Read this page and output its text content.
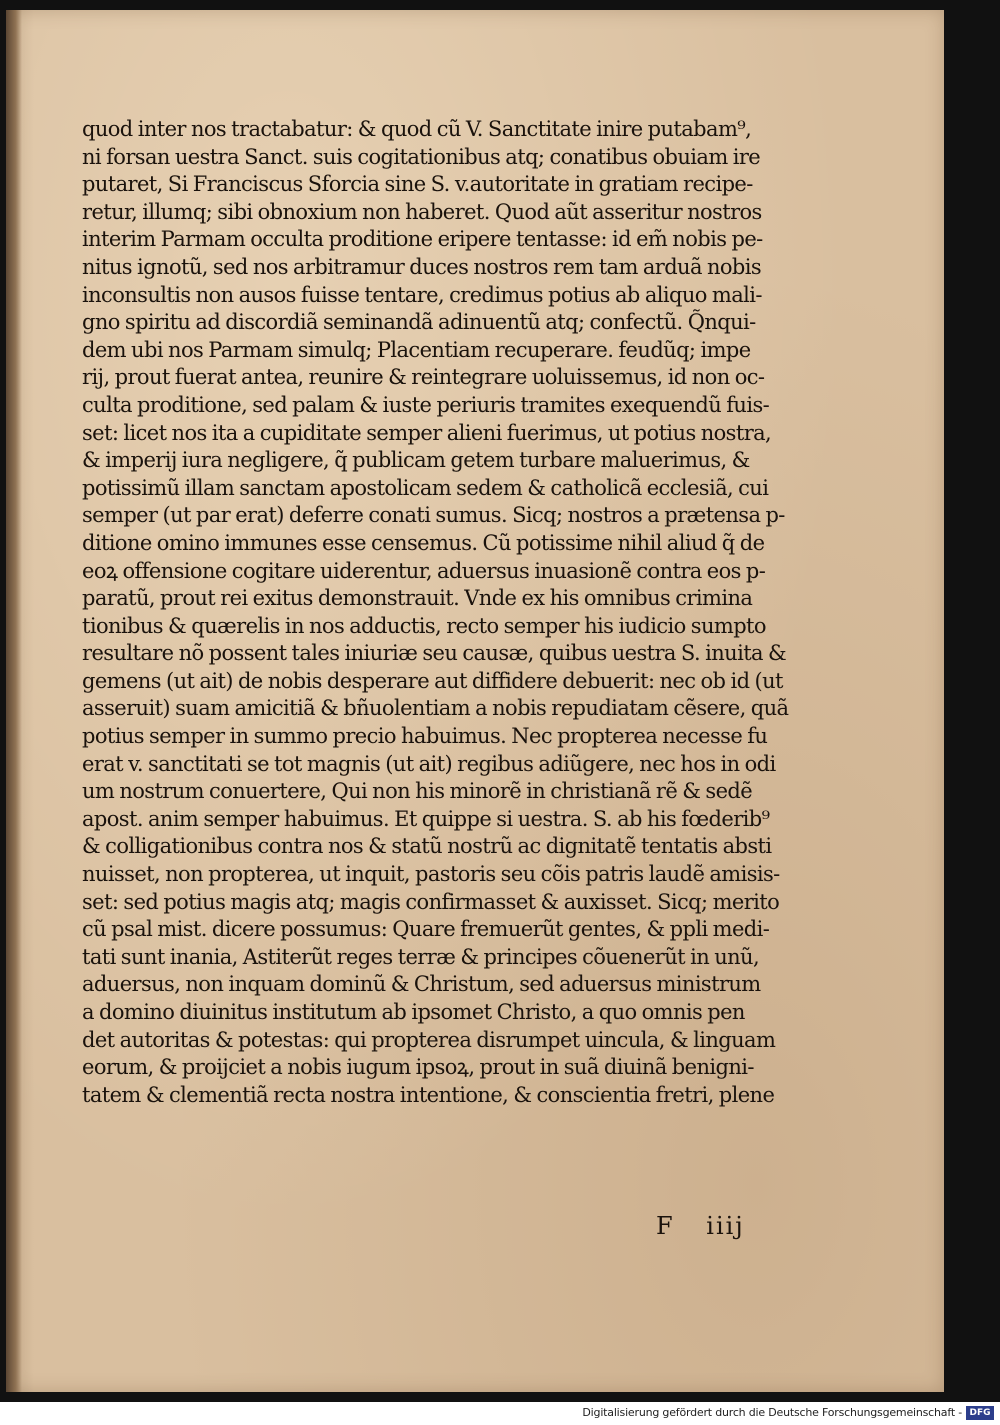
quod inter nos tractabatur: & quod cũ V. Sanctitate inire putabam⁹,
ni forsan uestra Sanct. suis cogitationibus atq; conatibus obuiam ire
putaret, Si Franciscus Sforcia sine S. v.autoritate in gratiam recipe-
retur, illumq; sibi obnoxium non haberet. Quod aũt asseritur nostros
interim Parmam occulta proditione eripere tentasse: id em̃ nobis pe-
nitus ignotũ, sed nos arbitramur duces nostros rem tam arduã nobis
inconsultis non ausos fuisse tentare, credimus potius ab aliquo mali-
gno spiritu ad discordiã seminandã adinuentũ atq; confectũ. Q̃nqui-
dem ubi nos Parmam simulq; Placentiam recuperare. feudũq; impe
rij, prout fuerat antea, reunire & reintegrare uoluissemus, id non oc-
culta proditione, sed palam & iuste periuris tramites exequendũ fuis-
set: licet nos ita a cupiditate semper alieni fuerimus, ut potius nostra,
& imperij iura negligere, q̃ publicam getem turbare maluerimus, &
potissimũ illam sanctam apostolicam sedem & catholicã ecclesiã, cui
semper (ut par erat) deferre conati sumus. Sicq; nostros a prætensa p-
ditione omino immunes esse censemus. Cũ potissime nihil aliud q̃ de
eoꝝ offensione cogitare uiderentur, aduersus inuasionẽ contra eos p-
paratũ, prout rei exitus demonstrauit. Vnde ex his omnibus crimina
tionibus & quærelis in nos adductis, recto semper his iudicio sumpto
resultare nõ possent tales iniuriæ seu causæ, quibus uestra S. inuita &
gemens (ut ait) de nobis desperare aut diffidere debuerit: nec ob id (ut
asseruit) suam amicitiã & bñuolentiam a nobis repudiatam cẽsere, quã
potius semper in summo precio habuimus. Nec propterea necesse fu
erat v. sanctitati se tot magnis (ut ait) regibus adiũgere, nec hos in odi
um nostrum conuertere, Qui non his minorẽ in christianã rẽ & sedẽ
apost. anim semper habuimus. Et quippe si uestra. S. ab his fœderib⁹
& colligationibus contra nos & statũ nostrũ ac dignitatẽ tentatis absti
nuisset, non propterea, ut inquit, pastoris seu cõis patris laudẽ amisis-
set: sed potius magis atq; magis confirmasset & auxisset. Sicq; merito
cũ psal mist. dicere possumus: Quare fremuerũt gentes, & ppli medi-
tati sunt inania, Astiterũt reges terræ & principes cõuenerũt in unũ,
aduersus, non inquam dominũ & Christum, sed aduersus ministrum
a domino diuinitus institutum ab ipsomet Christo, a quo omnis pen
det autoritas & potestas: qui propterea disrumpet uincula, & linguam
eorum, & proijciet a nobis iugum ipsoꝝ, prout in suã diuinã benigni-
tatem & clementiã recta nostra intentione, & conscientia fretri, plene
F iiij
Digitalisierung gefördert durch die Deutsche Forschungsgemeinschaft - DFG
